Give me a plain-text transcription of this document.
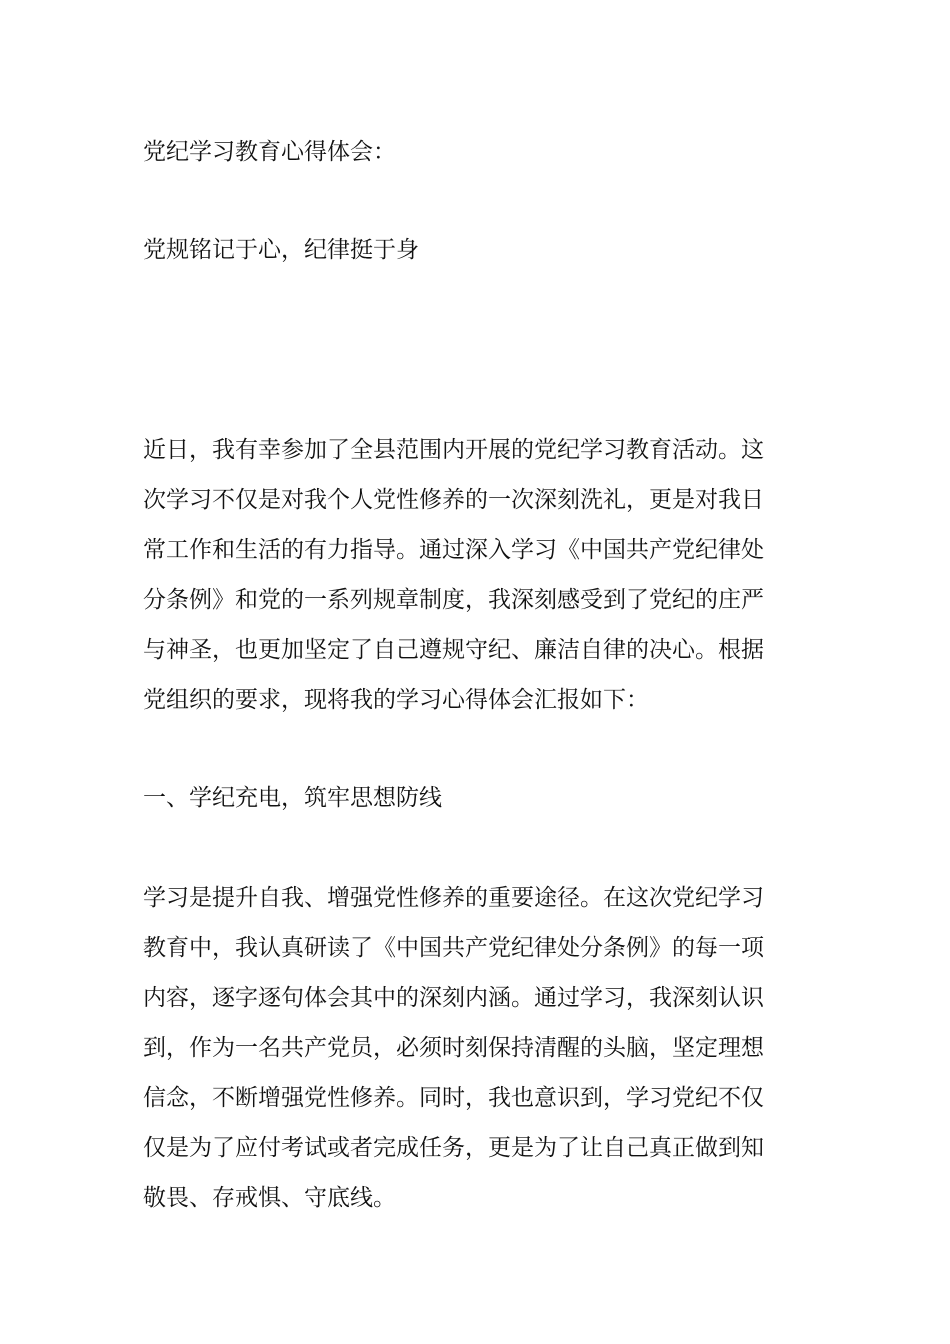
党纪学习教育心得体会：

党规铭记于心，纪律挺于身

近日，我有幸参加了全县范围内开展的党纪学习教育活动。这

次学习不仅是对我个人党性修养的一次深刻洗礼，更是对我日

常工作和生活的有力指导。通过深入学习《中国共产党纪律处

分条例》和党的一系列规章制度，我深刻感受到了党纪的庄严

与神圣，也更加坚定了自己遵规守纪、廉洁自律的决心。根据

党组织的要求，现将我的学习心得体会汇报如下：

一、学纪充电，筑牢思想防线

学习是提升自我、增强党性修养的重要途径。在这次党纪学习

教育中，我认真研读了《中国共产党纪律处分条例》的每一项

内容，逐字逐句体会其中的深刻内涵。通过学习，我深刻认识

到，作为一名共产党员，必须时刻保持清醒的头脑，坚定理想

信念，不断增强党性修养。同时，我也意识到，学习党纪不仅

仅是为了应付考试或者完成任务，更是为了让自己真正做到知

敬畏、存戒惧、守底线。
